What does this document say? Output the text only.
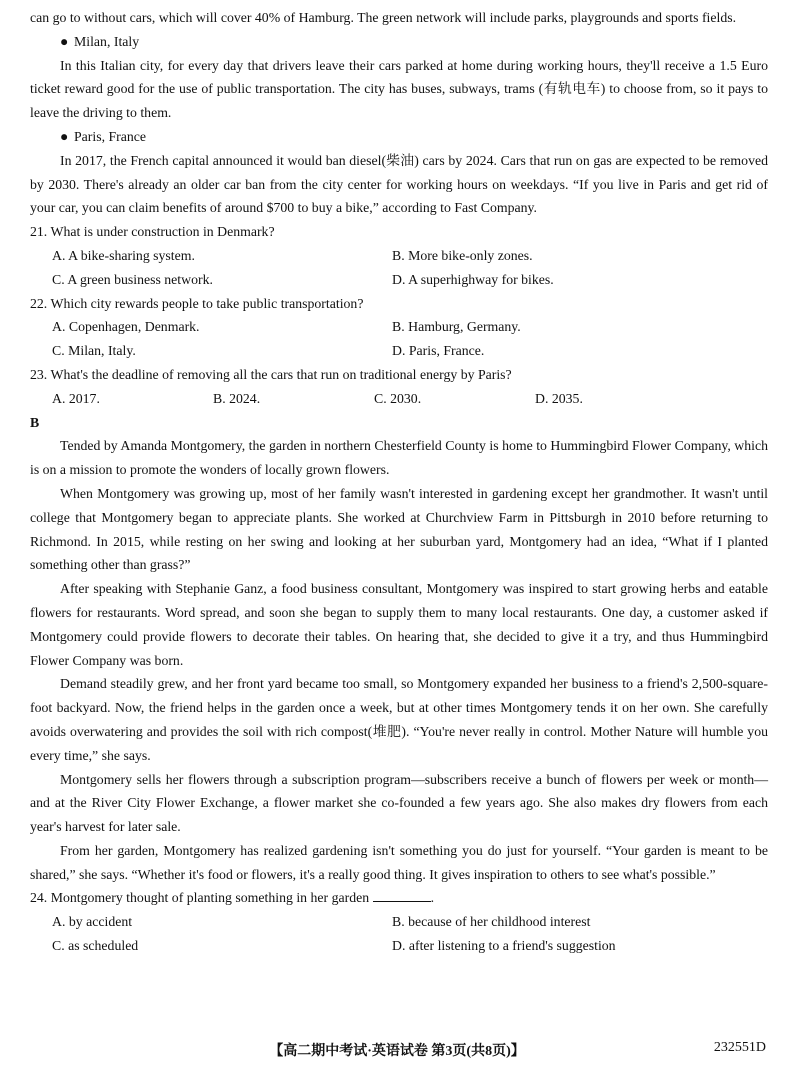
can go to without cars, which will cover 40% of Hamburg. The green network will include parks, playgrounds and sports fields.

● Milan, Italy

In this Italian city, for every day that drivers leave their cars parked at home during working hours, they'll receive a 1.5 Euro ticket reward good for the use of public transportation. The city has buses, subways, trams (有轨电车) to choose from, so it pays to leave the driving to them.

● Paris, France

In 2017, the French capital announced it would ban diesel(柴油) cars by 2024. Cars that run on gas are expected to be removed by 2030. There's already an older car ban from the city center for working hours on weekdays. “If you live in Paris and get rid of your car, you can claim benefits of around $700 to buy a bike,” according to Fast Company.

21. What is under construction in Denmark?

A. A bike-sharing system.	B. More bike-only zones.
C. A green business network.	D. A superhighway for bikes.

22. Which city rewards people to take public transportation?

A. Copenhagen, Denmark.	B. Hamburg, Germany.
C. Milan, Italy.	D. Paris, France.

23. What's the deadline of removing all the cars that run on traditional energy by Paris?

A. 2017.	B. 2024.	C. 2030.	D. 2035.

B

Tended by Amanda Montgomery, the garden in northern Chesterfield County is home to Hummingbird Flower Company, which is on a mission to promote the wonders of locally grown flowers.

When Montgomery was growing up, most of her family wasn't interested in gardening except her grandmother. It wasn't until college that Montgomery began to appreciate plants. She worked at Churchview Farm in Pittsburgh in 2010 before returning to Richmond. In 2015, while resting on her swing and looking at her suburban yard, Montgomery had an idea, “What if I planted something other than grass?”

After speaking with Stephanie Ganz, a food business consultant, Montgomery was inspired to start growing herbs and eatable flowers for restaurants. Word spread, and soon she began to supply them to many local restaurants. One day, a customer asked if Montgomery could provide flowers to decorate their tables. On hearing that, she decided to give it a try, and thus Hummingbird Flower Company was born.

Demand steadily grew, and her front yard became too small, so Montgomery expanded her business to a friend's 2,500-square-foot backyard. Now, the friend helps in the garden once a week, but at other times Montgomery tends it on her own. She carefully avoids overwatering and provides the soil with rich compost(堆肥). “You're never really in control. Mother Nature will humble you every time,” she says.

Montgomery sells her flowers through a subscription program—subscribers receive a bunch of flowers per week or month—and at the River City Flower Exchange, a flower market she co-founded a few years ago. She also makes dry flowers from each year's harvest for later sale.

From her garden, Montgomery has realized gardening isn't something you do just for yourself. “Your garden is meant to be shared,” she says. “Whether it's food or flowers, it's a really good thing. It gives inspiration to others to see what's possible.”

24. Montgomery thought of planting something in her garden	.

A. by accident	B. because of her childhood interest
C. as scheduled	D. after listening to a friend's suggestion
【高二期中考试·英语试卷 第3页(共8页)】	232551D
